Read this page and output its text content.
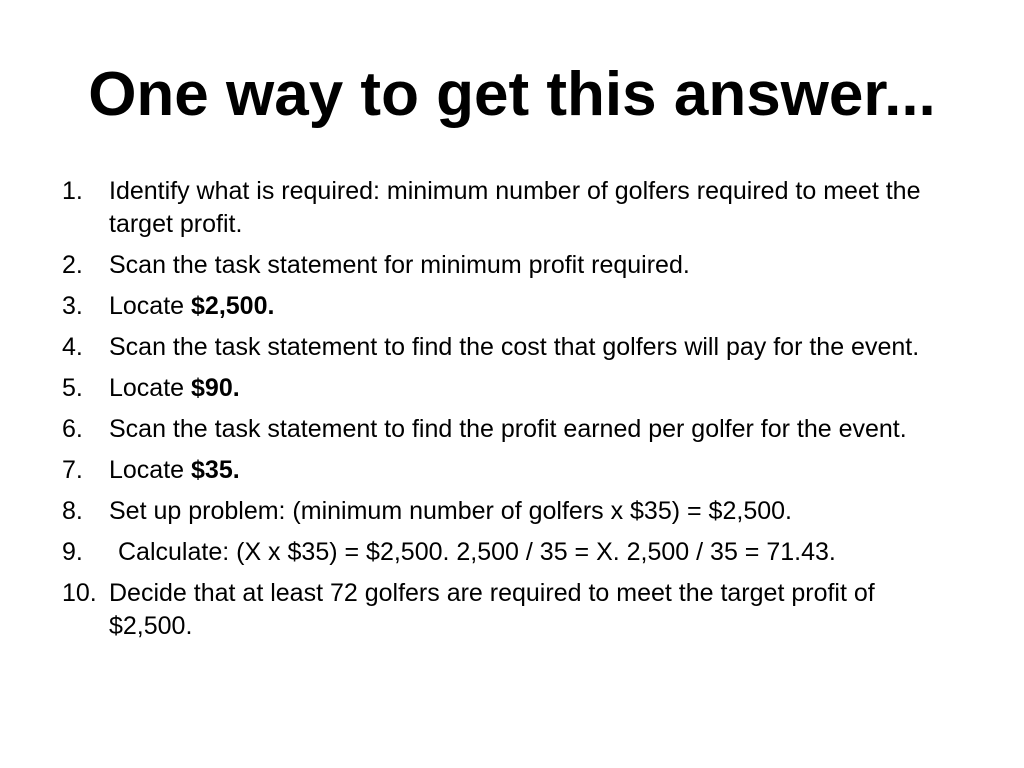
One way to get this answer...
1.	Identify what is required: minimum number of golfers required to meet the target profit.
2.	Scan the task statement for minimum profit required.
3.	Locate $2,500.
4.	Scan the task statement to find the cost that golfers will pay for the event.
5.	Locate $90.
6.	Scan the task statement to find the profit earned per golfer for the event.
7.	Locate $35.
8.	Set up problem: (minimum number of golfers x $35) = $2,500.
9.	Calculate: (X x $35) = $2,500. 2,500 / 35 = X. 2,500 / 35 = 71.43.
10. Decide that at least 72 golfers are required to meet the target profit of $2,500.
